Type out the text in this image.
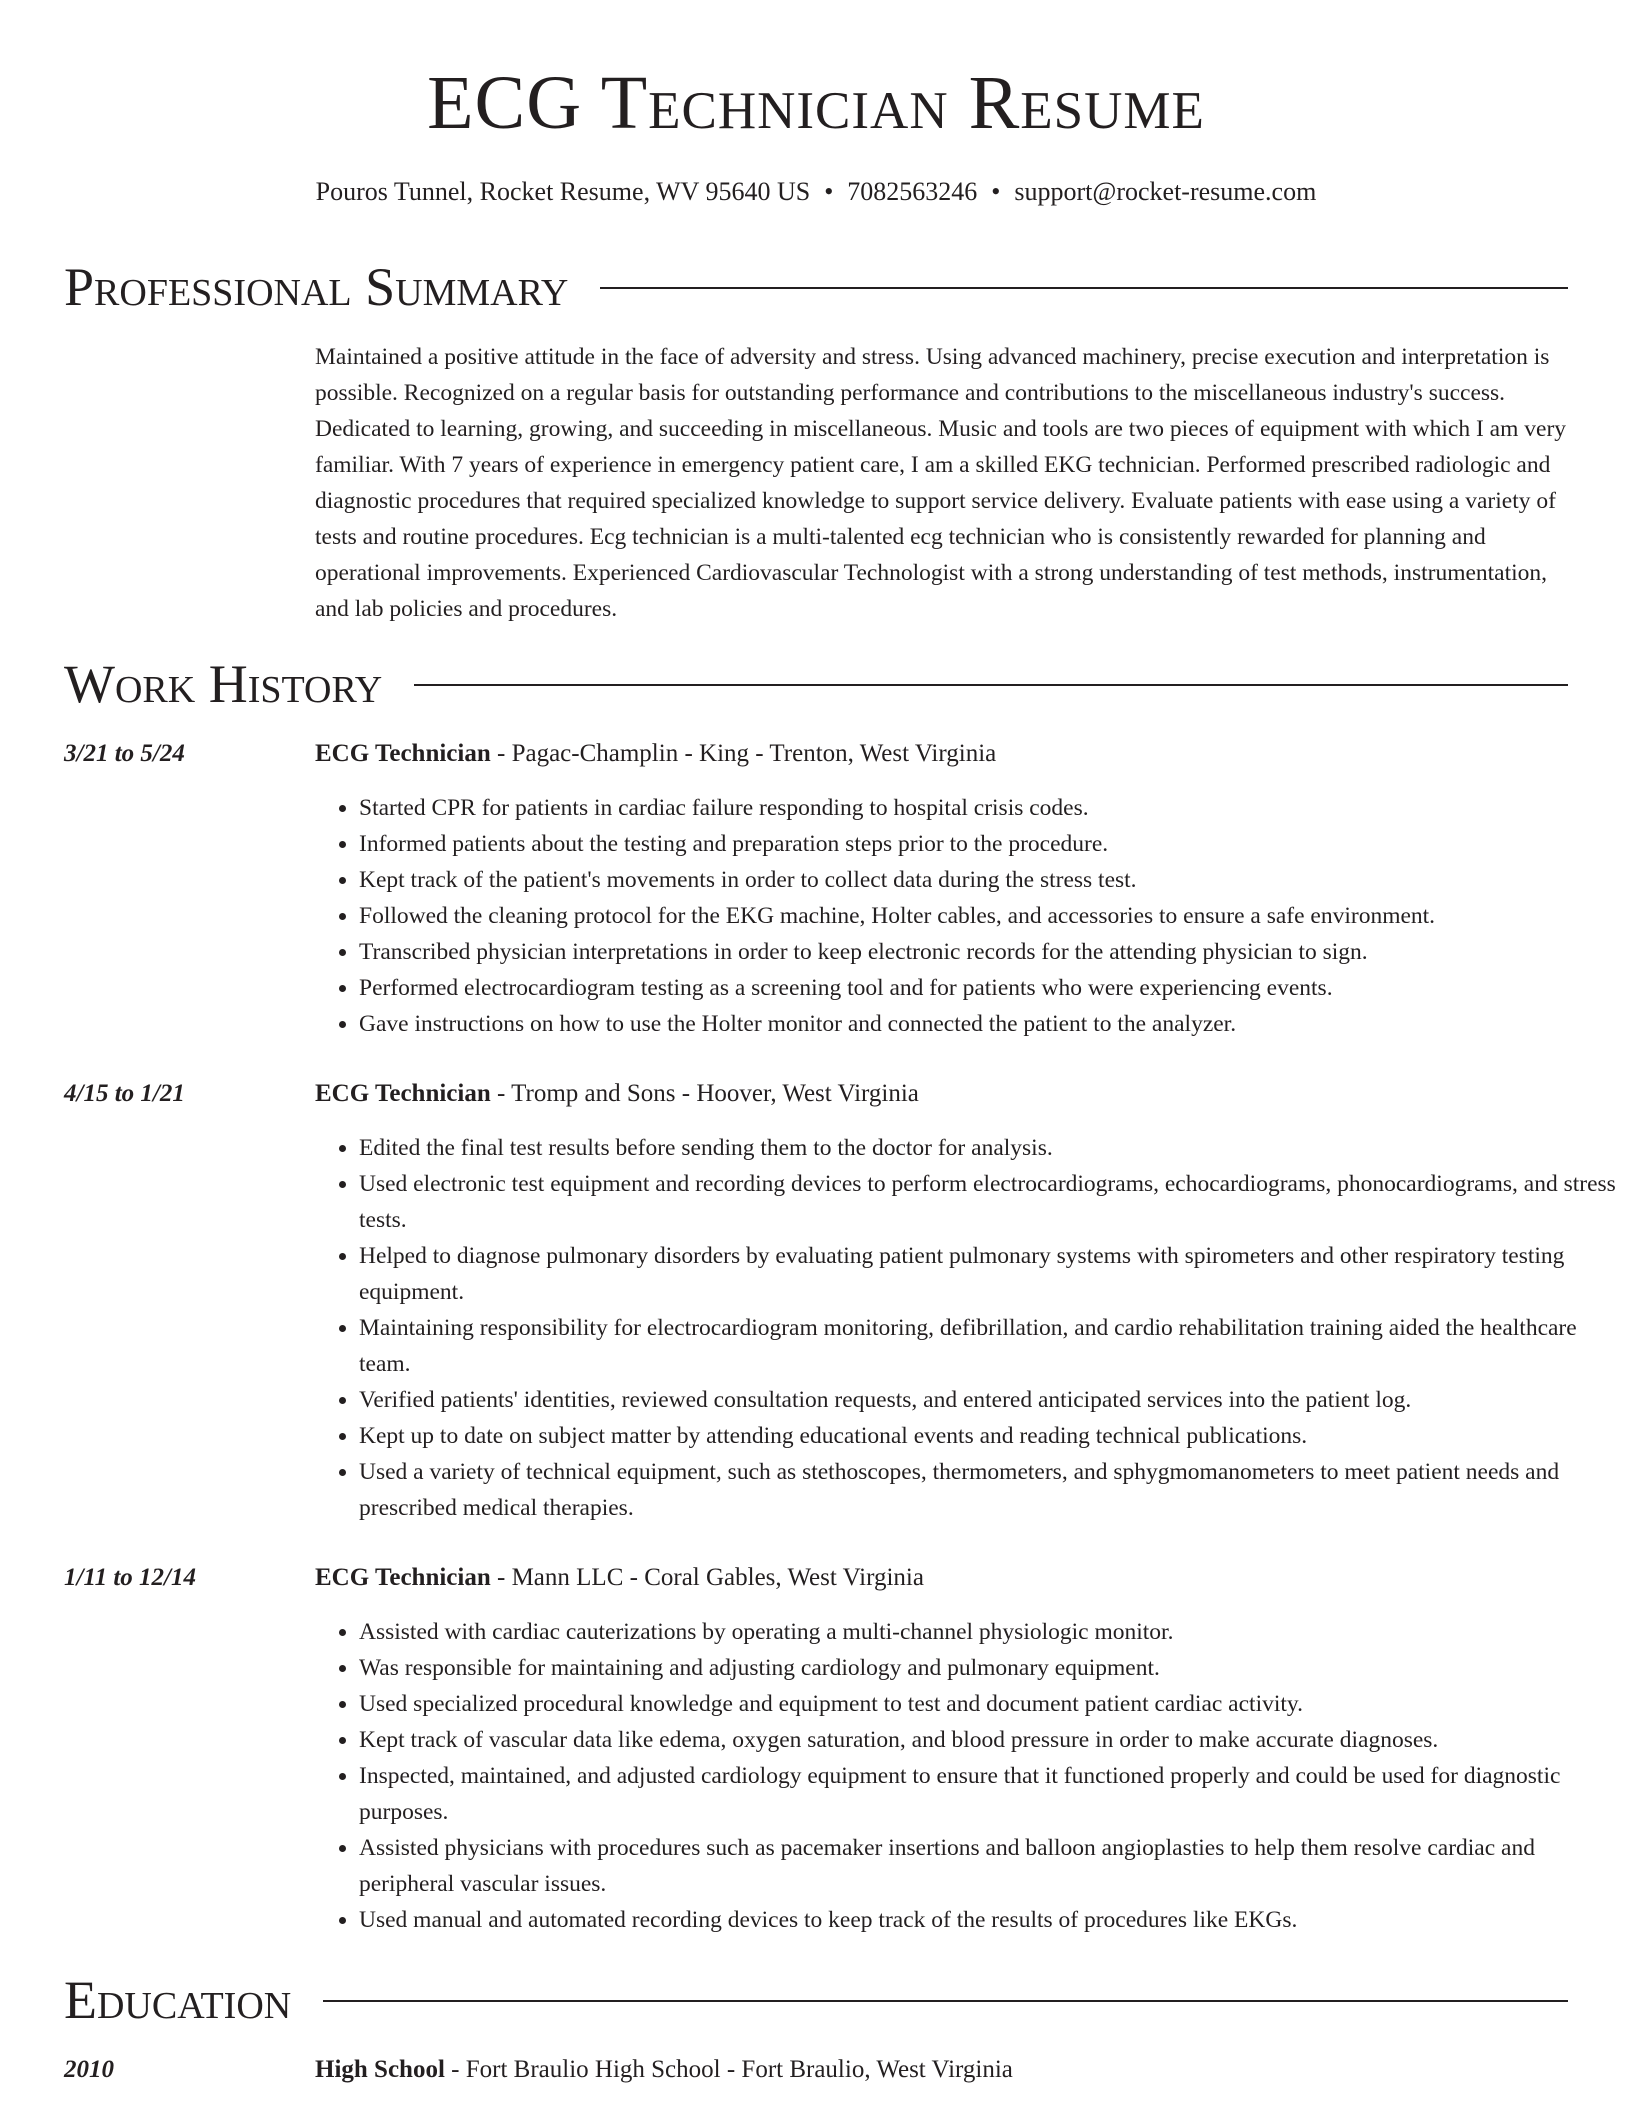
ECG Technician Resume
Pouros Tunnel, Rocket Resume, WV 95640 US • 7082563246 • support@rocket-resume.com
Professional Summary
Maintained a positive attitude in the face of adversity and stress. Using advanced machinery, precise execution and interpretation is possible. Recognized on a regular basis for outstanding performance and contributions to the miscellaneous industry's success. Dedicated to learning, growing, and succeeding in miscellaneous. Music and tools are two pieces of equipment with which I am very familiar. With 7 years of experience in emergency patient care, I am a skilled EKG technician. Performed prescribed radiologic and diagnostic procedures that required specialized knowledge to support service delivery. Evaluate patients with ease using a variety of tests and routine procedures. Ecg technician is a multi-talented ecg technician who is consistently rewarded for planning and operational improvements. Experienced Cardiovascular Technologist with a strong understanding of test methods, instrumentation, and lab policies and procedures.
Work History
3/21 to 5/24	ECG Technician - Pagac-Champlin - King - Trenton, West Virginia
• Started CPR for patients in cardiac failure responding to hospital crisis codes.
• Informed patients about the testing and preparation steps prior to the procedure.
• Kept track of the patient's movements in order to collect data during the stress test.
• Followed the cleaning protocol for the EKG machine, Holter cables, and accessories to ensure a safe environment.
• Transcribed physician interpretations in order to keep electronic records for the attending physician to sign.
• Performed electrocardiogram testing as a screening tool and for patients who were experiencing events.
• Gave instructions on how to use the Holter monitor and connected the patient to the analyzer.
4/15 to 1/21	ECG Technician - Tromp and Sons - Hoover, West Virginia
• Edited the final test results before sending them to the doctor for analysis.
• Used electronic test equipment and recording devices to perform electrocardiograms, echocardiograms, phonocardiograms, and stress tests.
• Helped to diagnose pulmonary disorders by evaluating patient pulmonary systems with spirometers and other respiratory testing equipment.
• Maintaining responsibility for electrocardiogram monitoring, defibrillation, and cardio rehabilitation training aided the healthcare team.
• Verified patients' identities, reviewed consultation requests, and entered anticipated services into the patient log.
• Kept up to date on subject matter by attending educational events and reading technical publications.
• Used a variety of technical equipment, such as stethoscopes, thermometers, and sphygmomanometers to meet patient needs and prescribed medical therapies.
1/11 to 12/14	ECG Technician - Mann LLC - Coral Gables, West Virginia
• Assisted with cardiac cauterizations by operating a multi-channel physiologic monitor.
• Was responsible for maintaining and adjusting cardiology and pulmonary equipment.
• Used specialized procedural knowledge and equipment to test and document patient cardiac activity.
• Kept track of vascular data like edema, oxygen saturation, and blood pressure in order to make accurate diagnoses.
• Inspected, maintained, and adjusted cardiology equipment to ensure that it functioned properly and could be used for diagnostic purposes.
• Assisted physicians with procedures such as pacemaker insertions and balloon angioplasties to help them resolve cardiac and peripheral vascular issues.
• Used manual and automated recording devices to keep track of the results of procedures like EKGs.
Education
2010	High School - Fort Braulio High School - Fort Braulio, West Virginia
